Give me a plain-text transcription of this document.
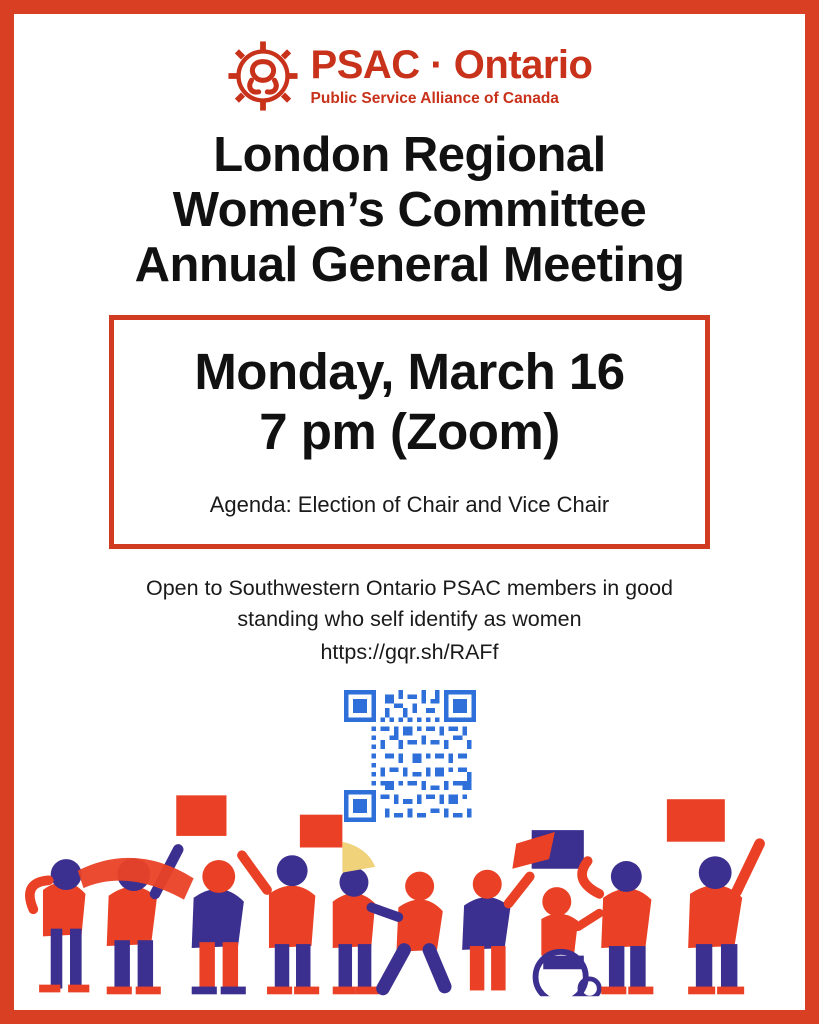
PSAC · Ontario
Public Service Alliance of Canada
London Regional
Women’s Committee
Annual General Meeting
Monday, March 16
7 pm (Zoom)
Agenda: Election of Chair and Vice Chair
Open to Southwestern Ontario PSAC members in good
standing who self identify as women
https://gqr.sh/RAFf
